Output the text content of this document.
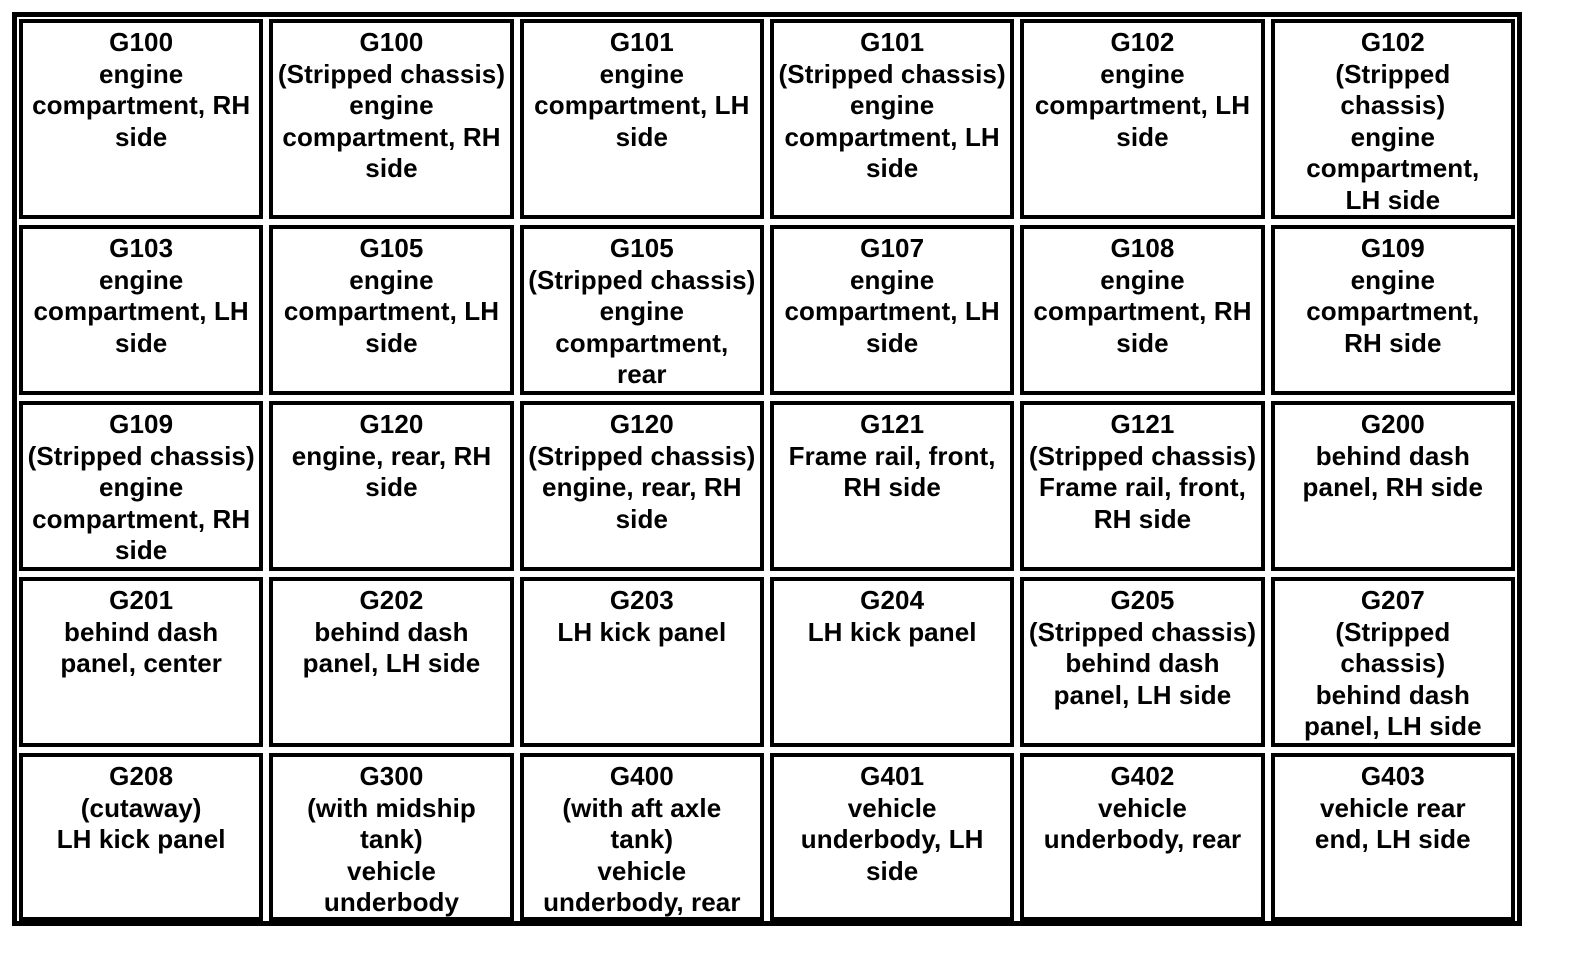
G100
engine
compartment, RH
side
G100
(Stripped chassis)
engine
compartment, RH
side
G101
engine
compartment, LH
side
G101
(Stripped chassis)
engine
compartment, LH
side
G102
engine
compartment, LH
side
G102
(Stripped
chassis)
engine
compartment,
LH side
G103
engine
compartment, LH
side
G105
engine
compartment, LH
side
G105
(Stripped chassis)
engine
compartment,
rear
G107
engine
compartment, LH
side
G108
engine
compartment, RH
side
G109
engine
compartment,
RH side
G109
(Stripped chassis)
engine
compartment, RH
side
G120
engine, rear, RH
side
G120
(Stripped chassis)
engine, rear, RH
side
G121
Frame rail, front,
RH side
G121
(Stripped chassis)
Frame rail, front,
RH side
G200
behind dash
panel, RH side
G201
behind dash
panel, center
G202
behind dash
panel, LH side
G203
LH kick panel
G204
LH kick panel
G205
(Stripped chassis)
behind dash
panel, LH side
G207
(Stripped
chassis)
behind dash
panel, LH side
G208
(cutaway)
LH kick panel
G300
(with midship
tank)
vehicle
underbody
G400
(with aft axle
tank)
vehicle
underbody, rear
G401
vehicle
underbody, LH
side
G402
vehicle
underbody, rear
G403
vehicle rear
end, LH side
